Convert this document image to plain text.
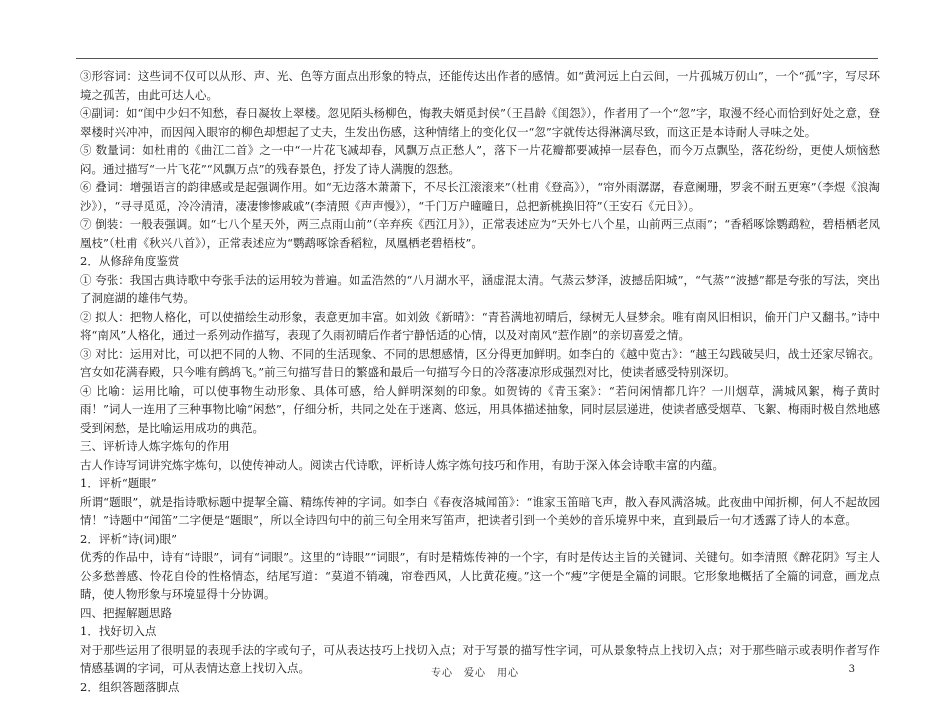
③形容词：这些词不仅可以从形、声、光、色等方面点出形象的特点，还能传达出作者的感情。如“黄河远上白云间，一片孤城万仞山”，一个“孤”字，写尽环境之孤苦，由此可达人心。

④副词：如“闺中少妇不知愁，春日凝妆上翠楼。忽见陌头杨柳色，悔教夫婿觅封侯”（王昌龄《闺怨》），作者用了一个“忽”字，取漫不经心而恰到好处之意，登翠楼时兴冲冲，而因闯入眼帘的柳色却想起了丈夫，生发出伤感，这种情绪上的变化仅一“忽”字就传达得淋漓尽致，而这正是本诗耐人寻味之处。

⑤ 数量词：如杜甫的《曲江二首》之一中“一片花飞减却春，风飘万点正愁人”，落下一片花瓣都要减掉一层春色，而今万点飘坠，落花纷纷，更使人烦恼愁闷。通过描写“一片飞花”“风飘万点”的残春景色，抒发了诗人满腹的怨愁。

⑥ 叠词：增强语言的韵律感或是起强调作用。如“无边落木萧萧下，不尽长江滚滚来”（杜甫《登高》），“帘外雨潺潺，春意阑珊，罗衾不耐五更寒”（李煜《浪淘沙》），“寻寻觅觅，冷冷清清，凄凄惨惨戚戚”(李清照《声声慢》），“千门万户曈曈日，总把新桃换旧符”（王安石《元日》）。

⑦ 倒装：一般表强调。如“七八个星天外，两三点雨山前”（辛弃疾《西江月》），正常表述应为“天外七八个星，山前两三点雨”；“香稻啄馀鹦鹉粒，碧梧栖老凤凰枝”（杜甫《秋兴八首》），正常表述应为“鹦鹉啄馀香稻粒，凤凰栖老碧梧枝”。

2．从修辞角度鉴赏

① 夸张：我国古典诗歌中夸张手法的运用较为普遍。如孟浩然的“八月湖水平，涵虚混太清。气蒸云梦泽，波撼岳阳城”，“气蒸”“波撼”都是夸张的写法，突出了洞庭湖的雄伟气势。

② 拟人：把物人格化，可以使描绘生动形象，表意更加丰富。如刘敛《新晴》：“青苔满地初晴后，绿树无人昼梦余。唯有南风旧相识，偷开门户又翻书。”诗中将“南风”人格化，通过一系列动作描写，表现了久雨初晴后作者宁静恬适的心情，以及对南风“惹作剧”的亲切喜爱之情。

③ 对比：运用对比，可以把不同的人物、不同的生活现象、不同的思想感情，区分得更加鲜明。如李白的《越中览古》：“越王勾践破吴归，战士还家尽锦衣。宫女如花满春殿，只今唯有鹧鸪飞。”前三句描写昔日的繁盛和最后一句描写今日的冷落凄凉形成强烈对比，使读者感受特别深切。

④ 比喻：运用比喻，可以使事物生动形象、具体可感，给人鲜明深刻的印象。如贺铸的《青玉案》：“若问闲情都几许？一川烟草，满城风絮，梅子黄时雨！”词人一连用了三种事物比喻“闲愁”，仔细分析，共同之处在于迷离、悠远，用具体描述抽象，同时层层递进，使读者感受烟草、飞絮、梅雨时极自然地感受到闲愁，是比喻运用成功的典范。

三、评析诗人炼字炼句的作用

古人作诗写词讲究炼字炼句，以使传神动人。阅读古代诗歌，评析诗人炼字炼句技巧和作用，有助于深入体会诗歌丰富的内蕴。

1．评析“题眼”

所谓“题眼”，就是指诗歌标题中提挈全篇、精练传神的字词。如李白《春夜洛城闻笛》：“谁家玉笛暗飞声，散入春风满洛城。此夜曲中闻折柳，何人不起故园情！”诗题中“闻笛”二字便是“题眼”，所以全诗四句中的前三句全用来写笛声，把读者引到一个美妙的音乐境界中来，直到最后一句才透露了诗人的本意。

2．评析“诗(词)眼”

优秀的作品中，诗有“诗眼”，词有“词眼”。这里的“诗眼”“词眼”，有时是精炼传神的一个字，有时是传达主旨的关键词、关键句。如李清照《醉花阴》写主人公多愁善感、怜花自伶的性格情态，结尾写道：“莫道不销魂，帘卷西风，人比黄花瘦。”这一个“瘦”字便是全篇的词眼。它形象地概括了全篇的词意，画龙点睛，使人物形象与环境显得十分协调。

四、把握解题思路

1．找好切入点

对于那些运用了很明显的表现手法的字或句子，可从表达技巧上找切入点；对于写景的描写性字词，可从景象特点上找切入点；对于那些暗示或表明作者写作情感基调的字词，可从表情达意上找切入点。

2．组织答题落脚点

专心　爱心　用心	3
